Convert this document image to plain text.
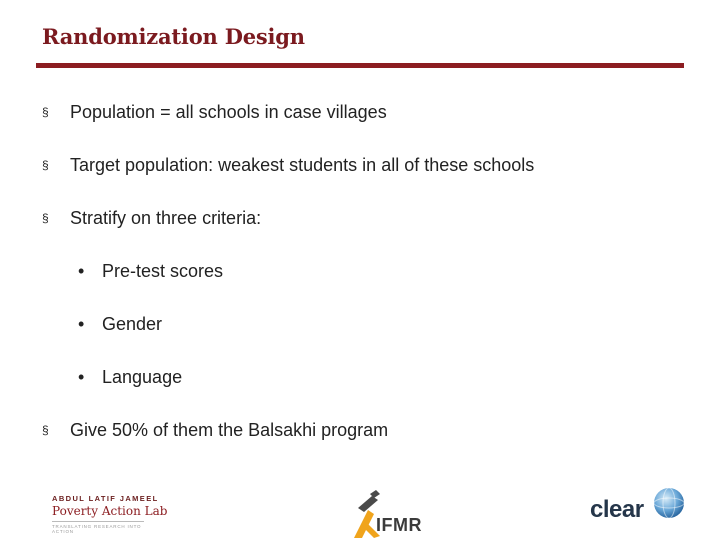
Randomization Design
§ Population = all schools in case villages
§ Target population: weakest students in all of these schools
§ Stratify on three criteria:
• Pre-test scores
• Gender
• Language
§ Give 50% of them the Balsakhi program
ABDUL LATIF JAMEEL
Poverty Action Lab
TRANSLATING RESEARCH INTO ACTION	IFMR
clear
